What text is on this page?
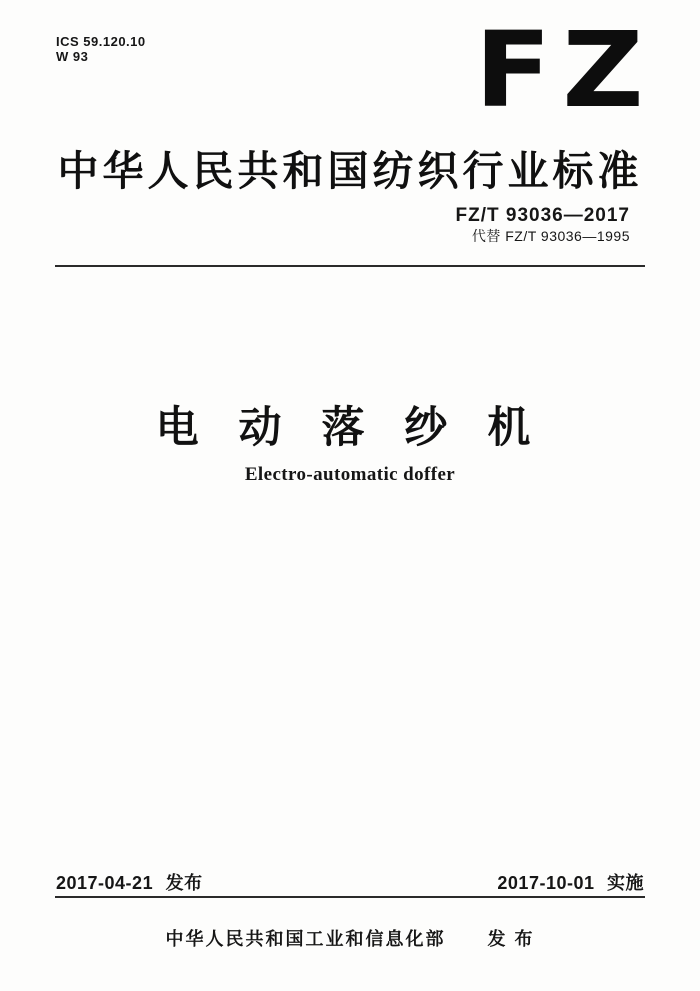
ICS 59.120.10
W 93	FZ
中华人民共和国纺织行业标准
FZ/T 93036—2017
代替 FZ/T 93036—1995
电 动 落 纱 机
Electro-automatic doffer
2017-04-21 发布	2017-10-01 实施
中华人民共和国工业和信息化部 发 布
